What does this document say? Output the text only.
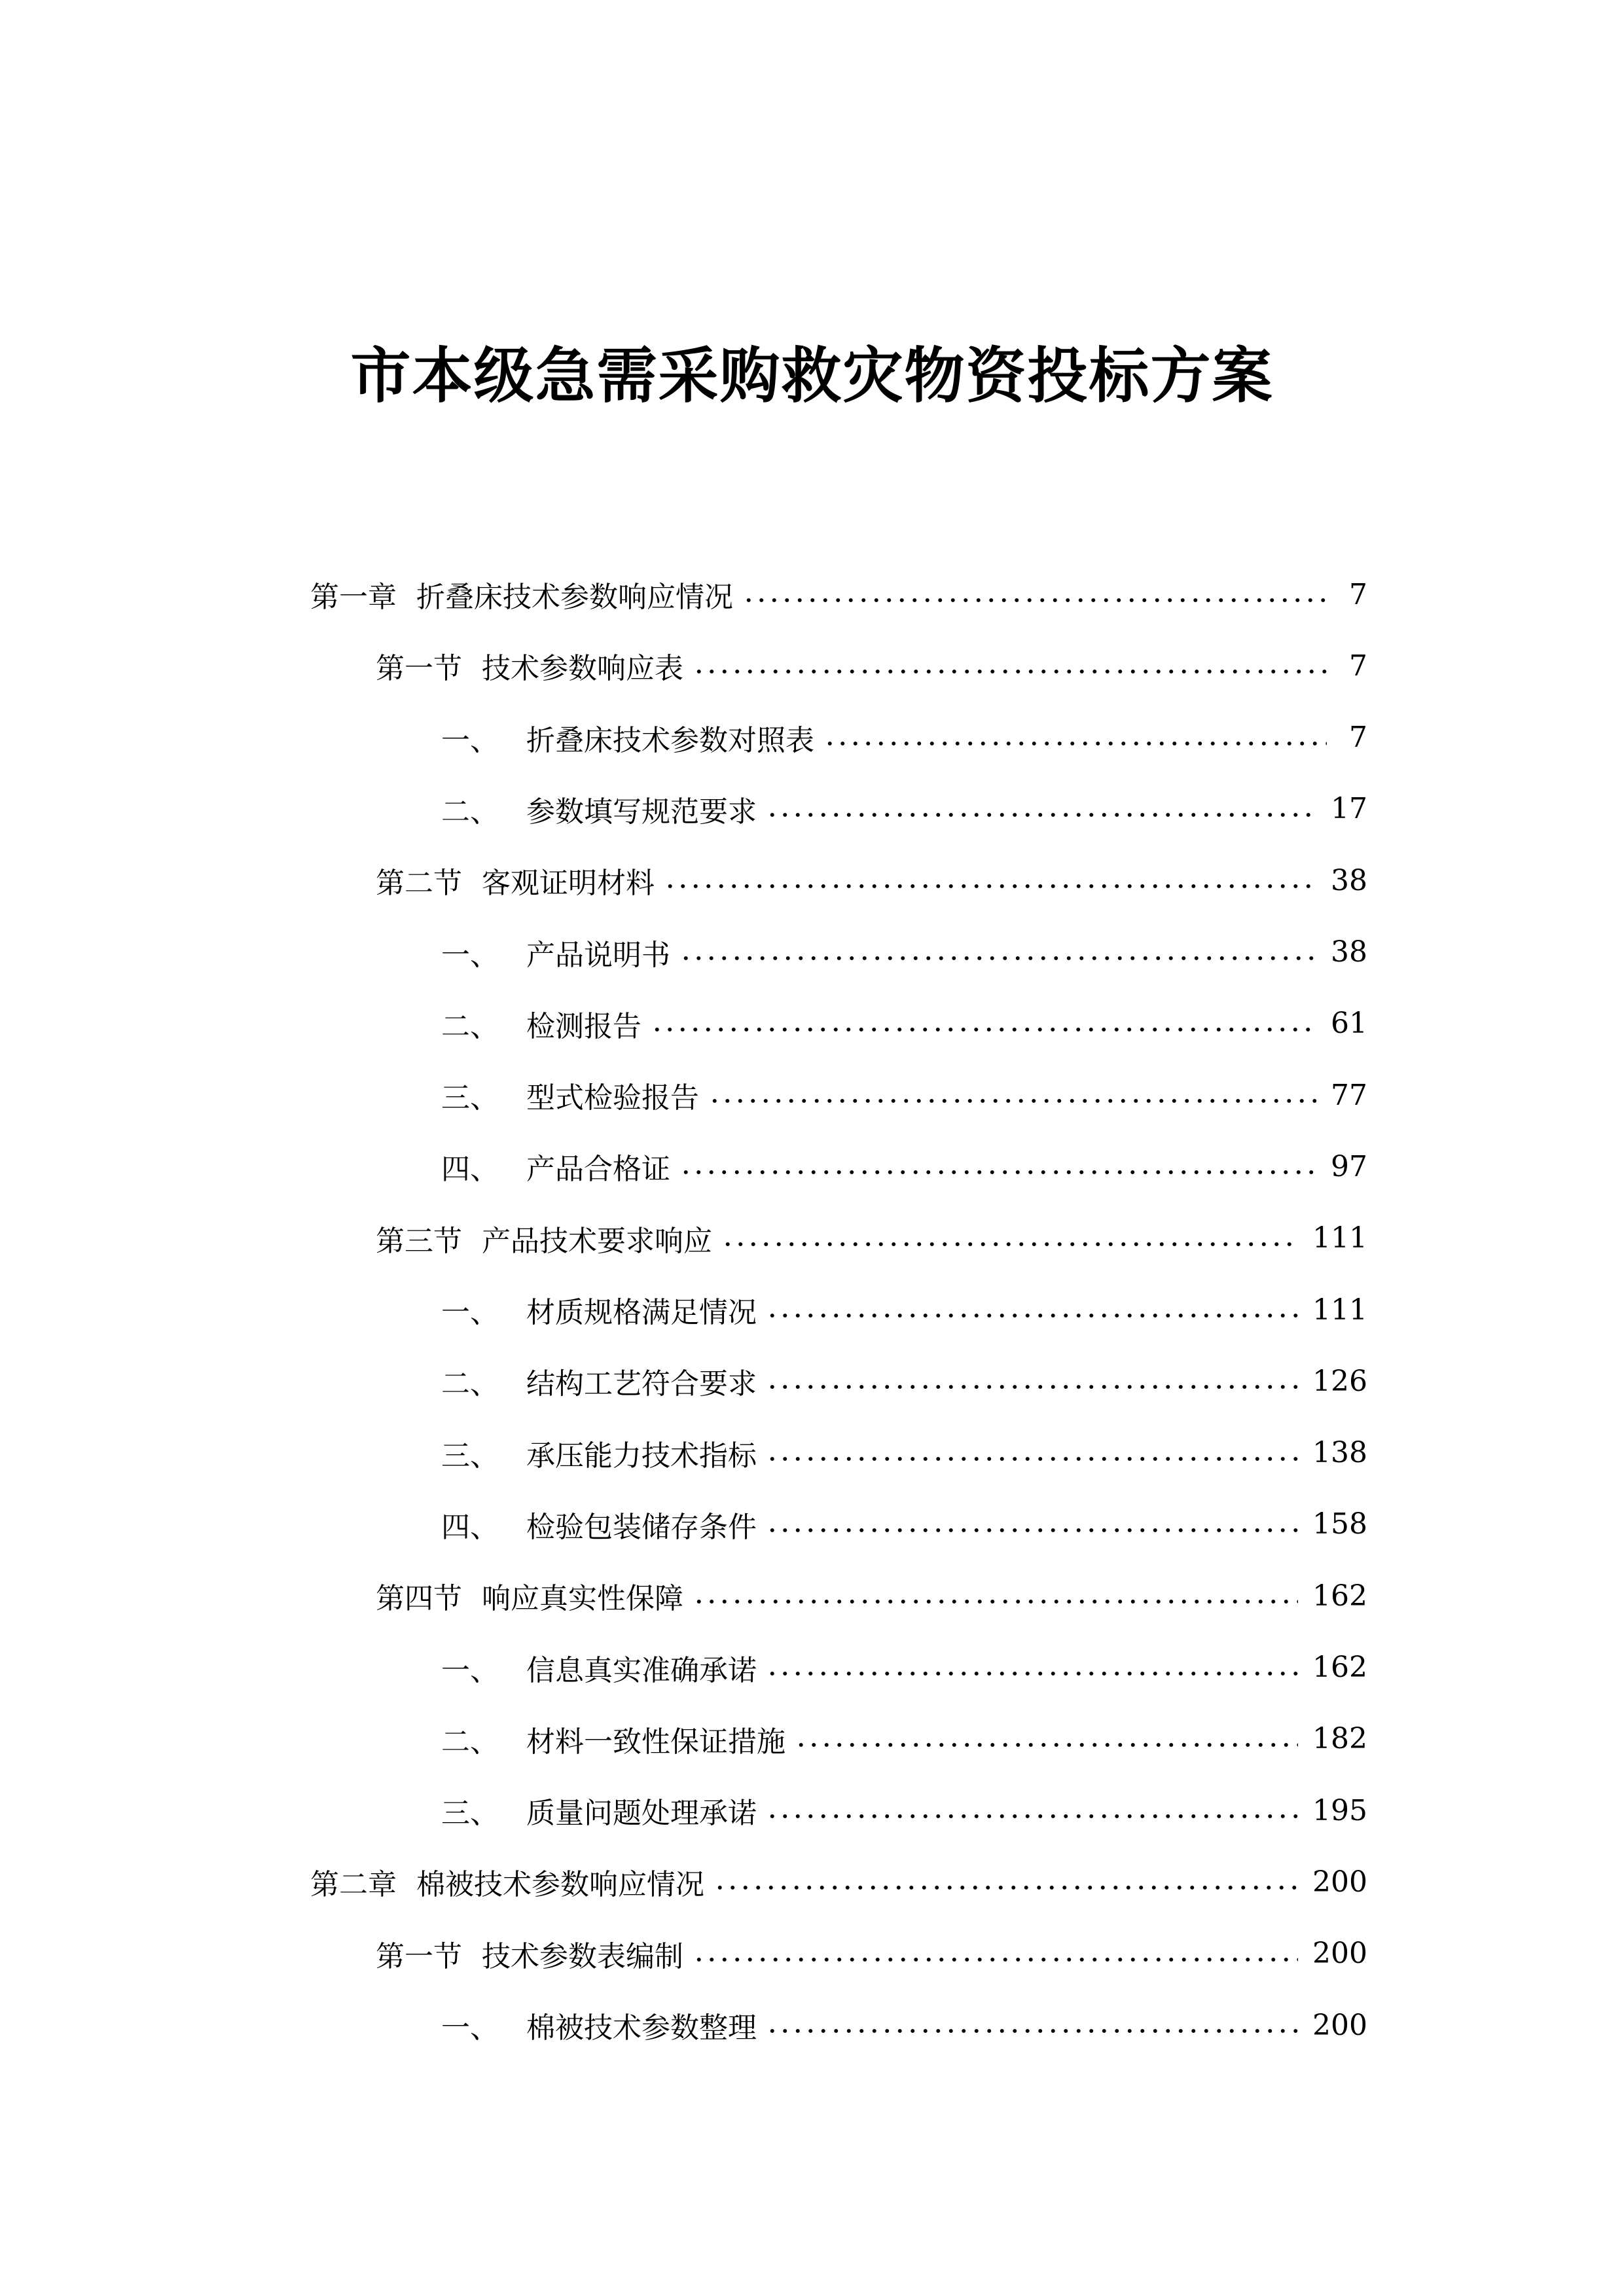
市本级急需采购救灾物资投标方案
第一章 折叠床技术参数响应情况	7
第一节 技术参数响应表	7
一、 折叠床技术参数对照表	7
二、 参数填写规范要求	17
第二节 客观证明材料	38
一、 产品说明书	38
二、 检测报告	61
三、 型式检验报告	77
四、 产品合格证	97
第三节 产品技术要求响应	111
一、 材质规格满足情况	111
二、 结构工艺符合要求	126
三、 承压能力技术指标	138
四、 检验包装储存条件	158
第四节 响应真实性保障	162
一、 信息真实准确承诺	162
二、 材料一致性保证措施	182
三、 质量问题处理承诺	195
第二章 棉被技术参数响应情况	200
第一节 技术参数表编制	200
一、 棉被技术参数整理	200
